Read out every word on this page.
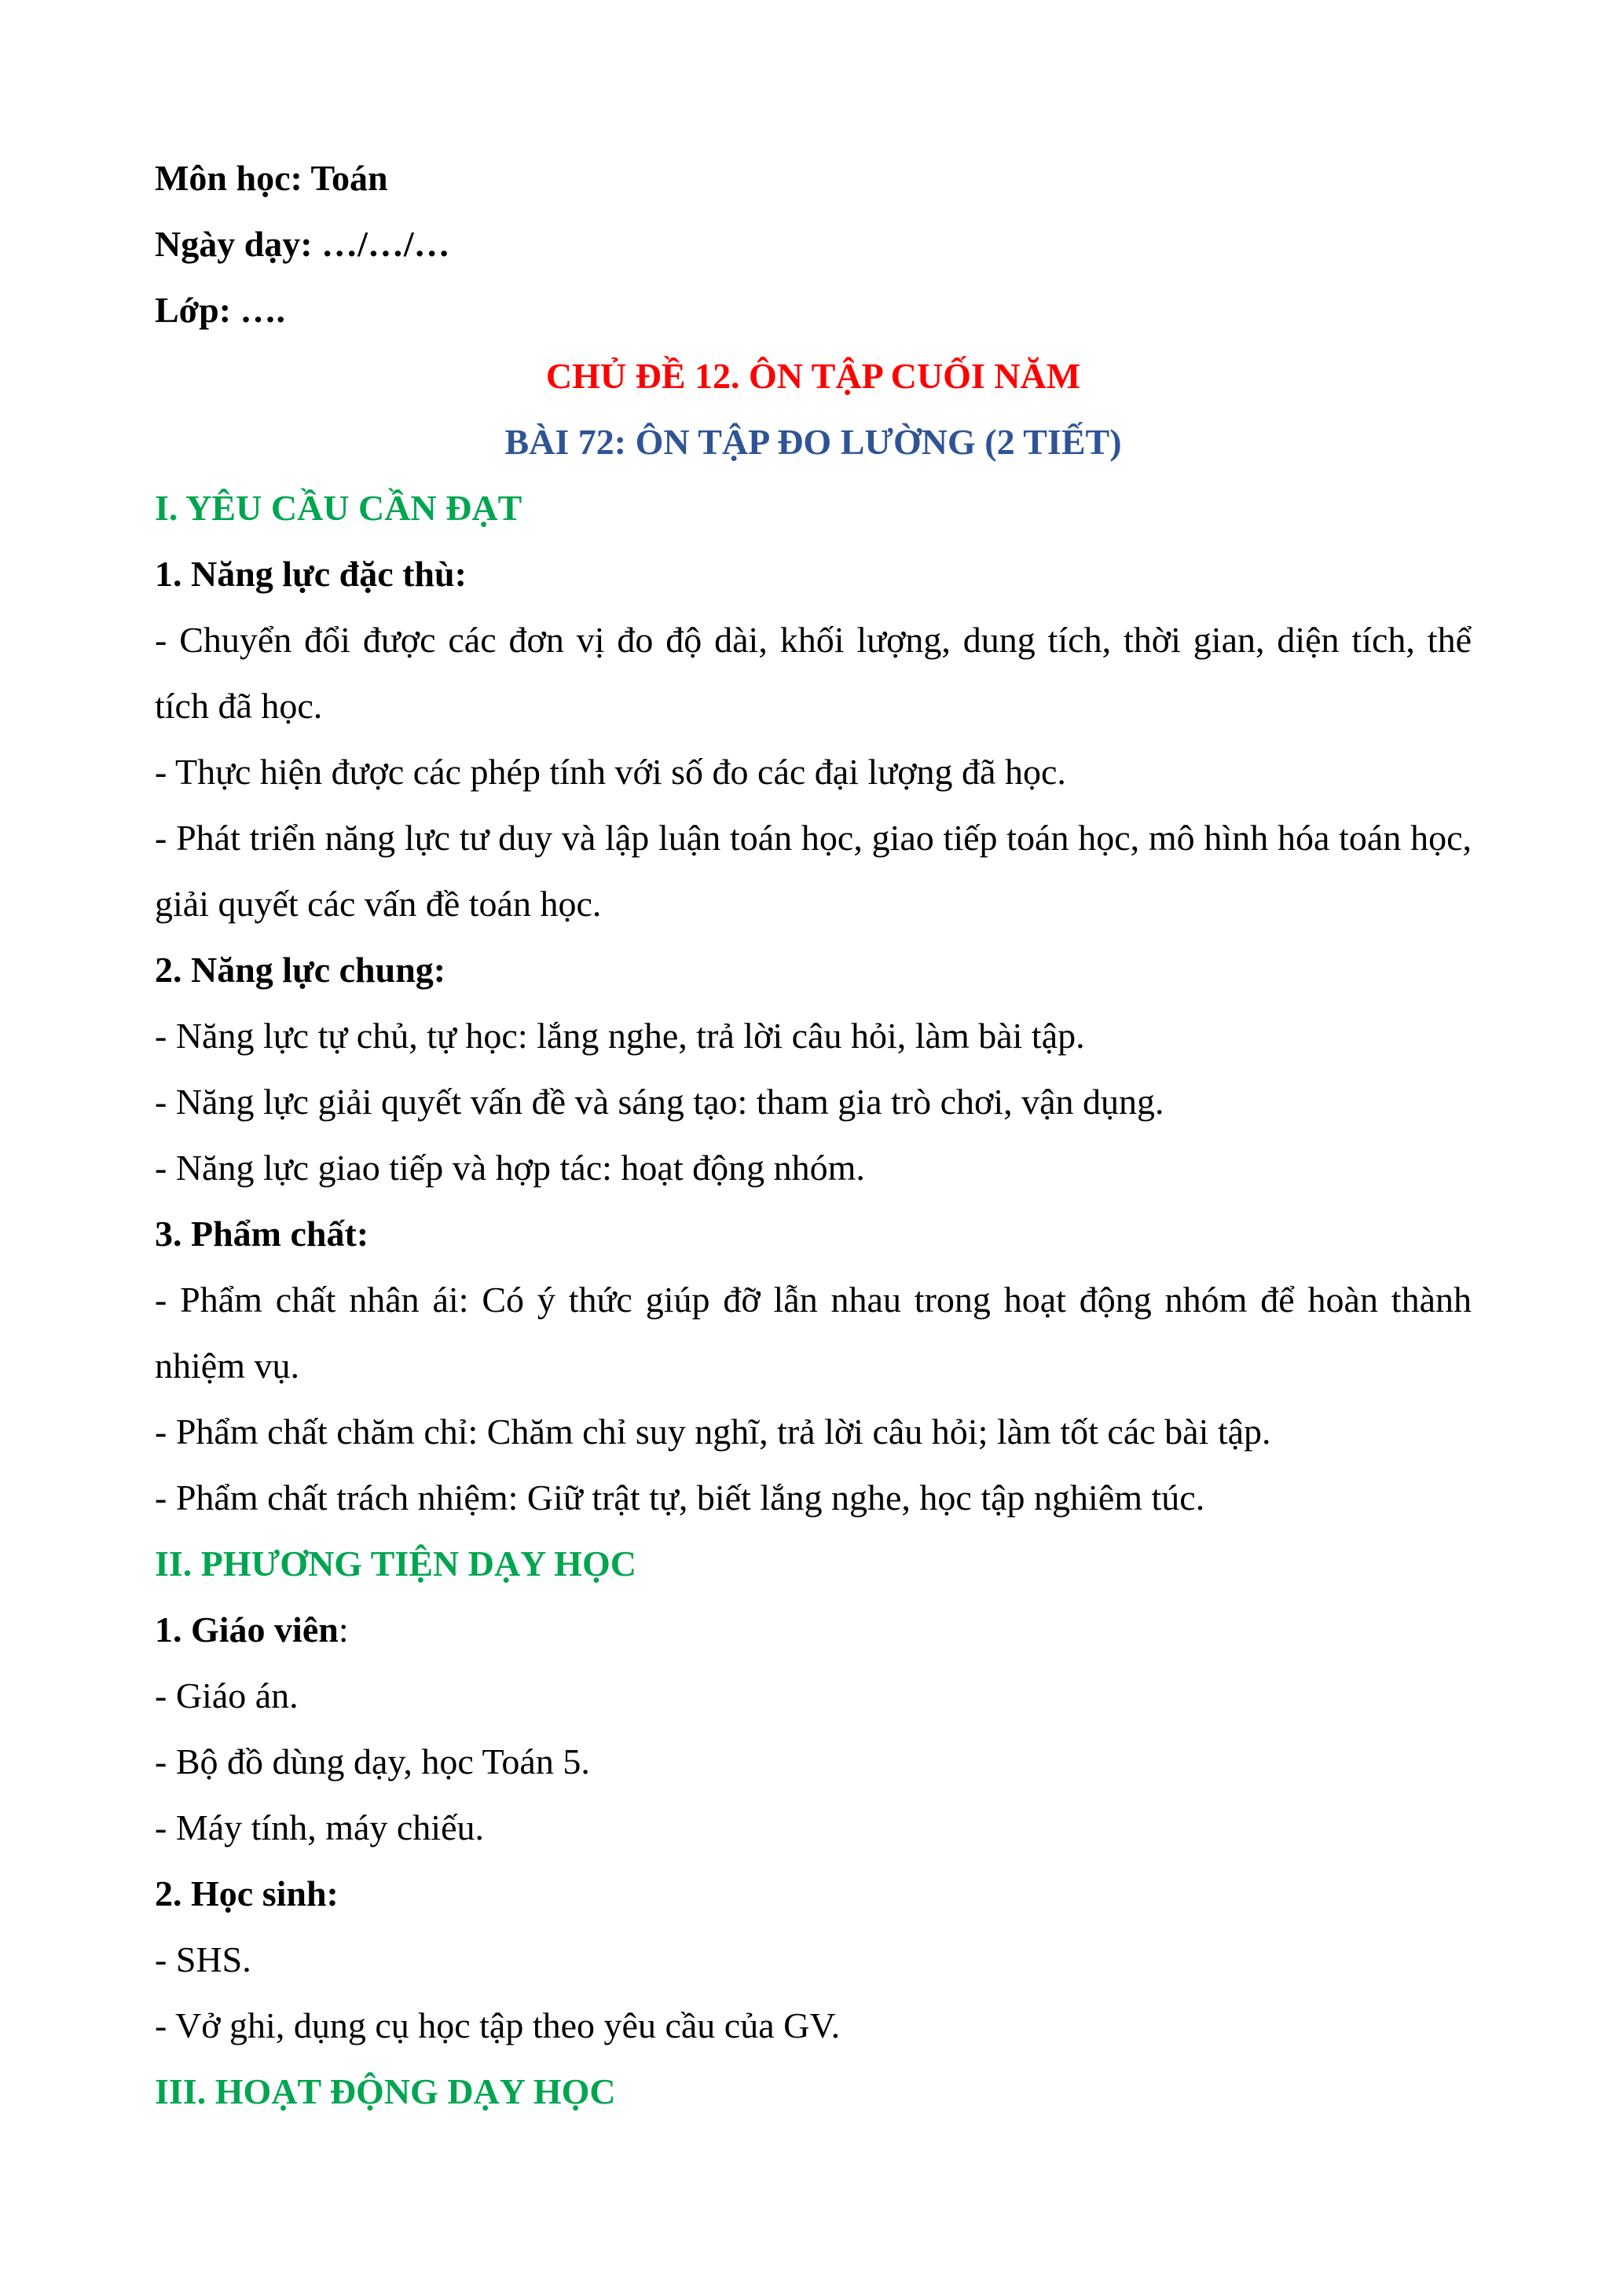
Môn học: Toán

Ngày dạy: …/…/…

Lớp: ….

CHỦ ĐỀ 12. ÔN TẬP CUỐI NĂM

BÀI 72: ÔN TẬP ĐO LƯỜNG (2 TIẾT)

I. YÊU CẦU CẦN ĐẠT

1. Năng lực đặc thù:

- Chuyển đổi được các đơn vị đo độ dài, khối lượng, dung tích, thời gian, diện tích, thể tích đã học.

- Thực hiện được các phép tính với số đo các đại lượng đã học.

- Phát triển năng lực tư duy và lập luận toán học, giao tiếp toán học, mô hình hóa toán học, giải quyết các vấn đề toán học.

2. Năng lực chung:

- Năng lực tự chủ, tự học: lắng nghe, trả lời câu hỏi, làm bài tập.

- Năng lực giải quyết vấn đề và sáng tạo: tham gia trò chơi, vận dụng.

- Năng lực giao tiếp và hợp tác: hoạt động nhóm.

3. Phẩm chất:

- Phẩm chất nhân ái: Có ý thức giúp đỡ lẫn nhau trong hoạt động nhóm để hoàn thành nhiệm vụ.

- Phẩm chất chăm chỉ: Chăm chỉ suy nghĩ, trả lời câu hỏi; làm tốt các bài tập.

- Phẩm chất trách nhiệm: Giữ trật tự, biết lắng nghe, học tập nghiêm túc.

II. PHƯƠNG TIỆN DẠY HỌC

1. Giáo viên:

- Giáo án.

- Bộ đồ dùng dạy, học Toán 5.

- Máy tính, máy chiếu.

2. Học sinh:

- SHS.

- Vở ghi, dụng cụ học tập theo yêu cầu của GV.

III. HOẠT ĐỘNG DẠY HỌC
